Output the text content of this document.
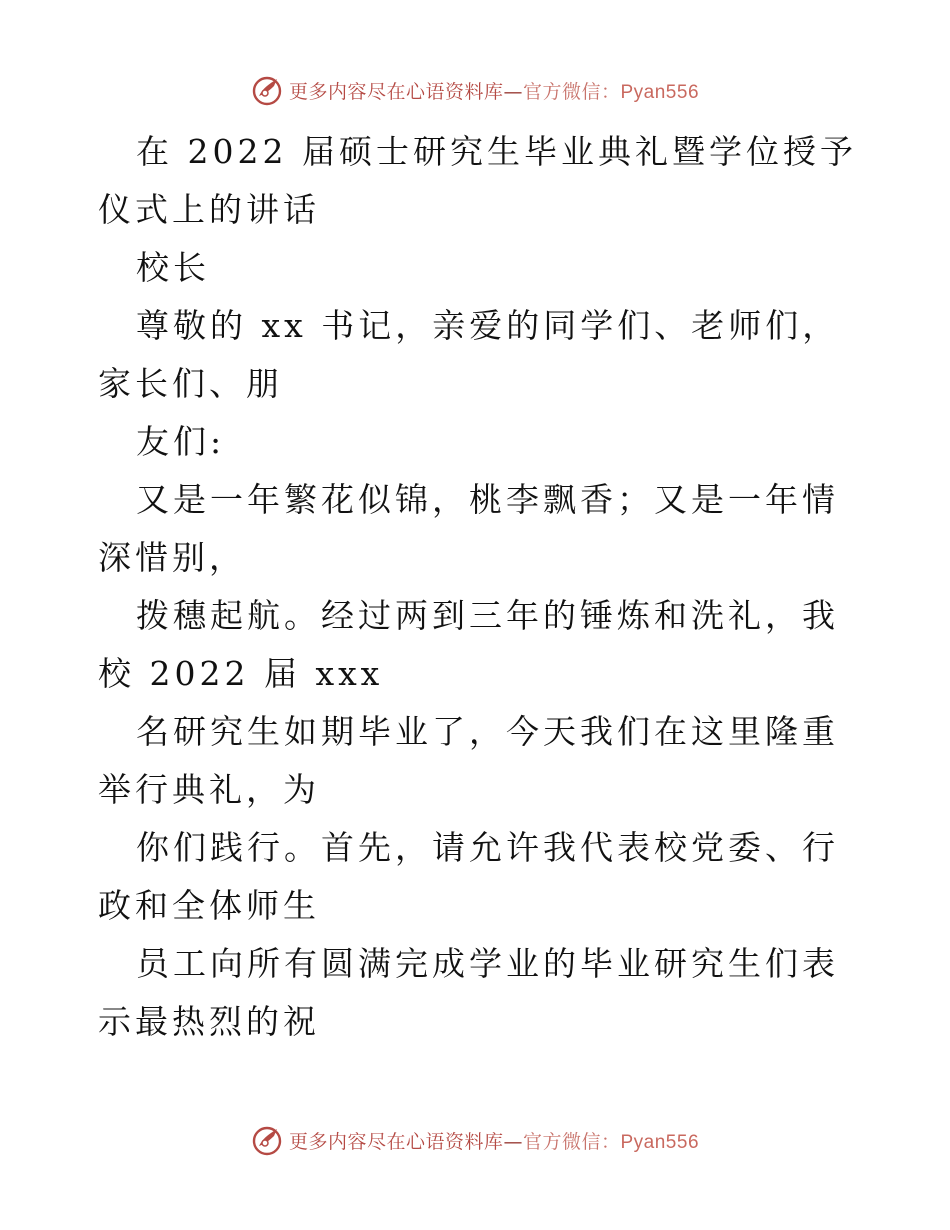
更多内容尽在心语资料库—官方微信：Pyan556

在 2022 届硕士研究生毕业典礼暨学位授予仪式上的讲话

校长

尊敬的 xx 书记，亲爱的同学们、老师们，家长们、朋

友们:

又是一年繁花似锦，桃李飘香；又是一年情深惜别，

拨穗起航。经过两到三年的锤炼和洗礼，我校 2022 届 xxx

名研究生如期毕业了，今天我们在这里隆重举行典礼，为

你们践行。首先，请允许我代表校党委、行政和全体师生

员工向所有圆满完成学业的毕业研究生们表示最热烈的祝

更多内容尽在心语资料库—官方微信：Pyan556
